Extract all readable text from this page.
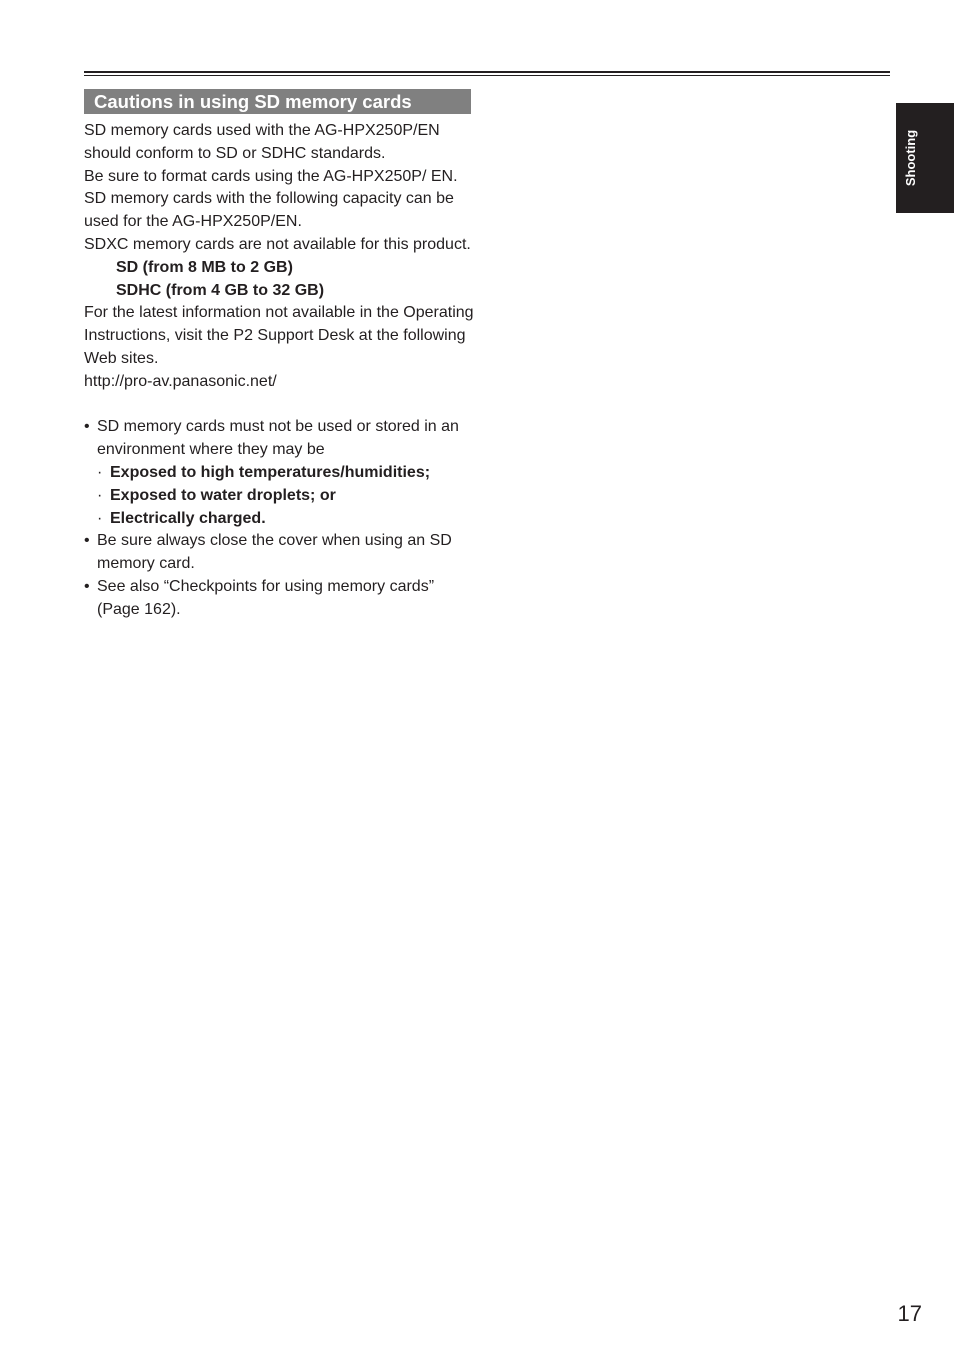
Cautions in using SD memory cards

SD memory cards used with the AG-HPX250P/EN should conform to SD or SDHC standards.

Be sure to format cards using the AG-HPX250P/ EN.

SD memory cards with the following capacity can be used for the AG-HPX250P/EN.

SDXC memory cards are not available for this product.

SD (from 8 MB to 2 GB)

SDHC (from 4 GB to 32 GB)

For the latest information not available in the Operating Instructions, visit the P2 Support Desk at the following Web sites.

http://pro-av.panasonic.net/

• SD memory cards must not be used or stored in an environment where they may be
· Exposed to high temperatures/humidities;
· Exposed to water droplets; or
· Electrically charged.
• Be sure always close the cover when using an SD memory card.
• See also “Checkpoints for using memory cards” (Page 162).
Shooting
17
